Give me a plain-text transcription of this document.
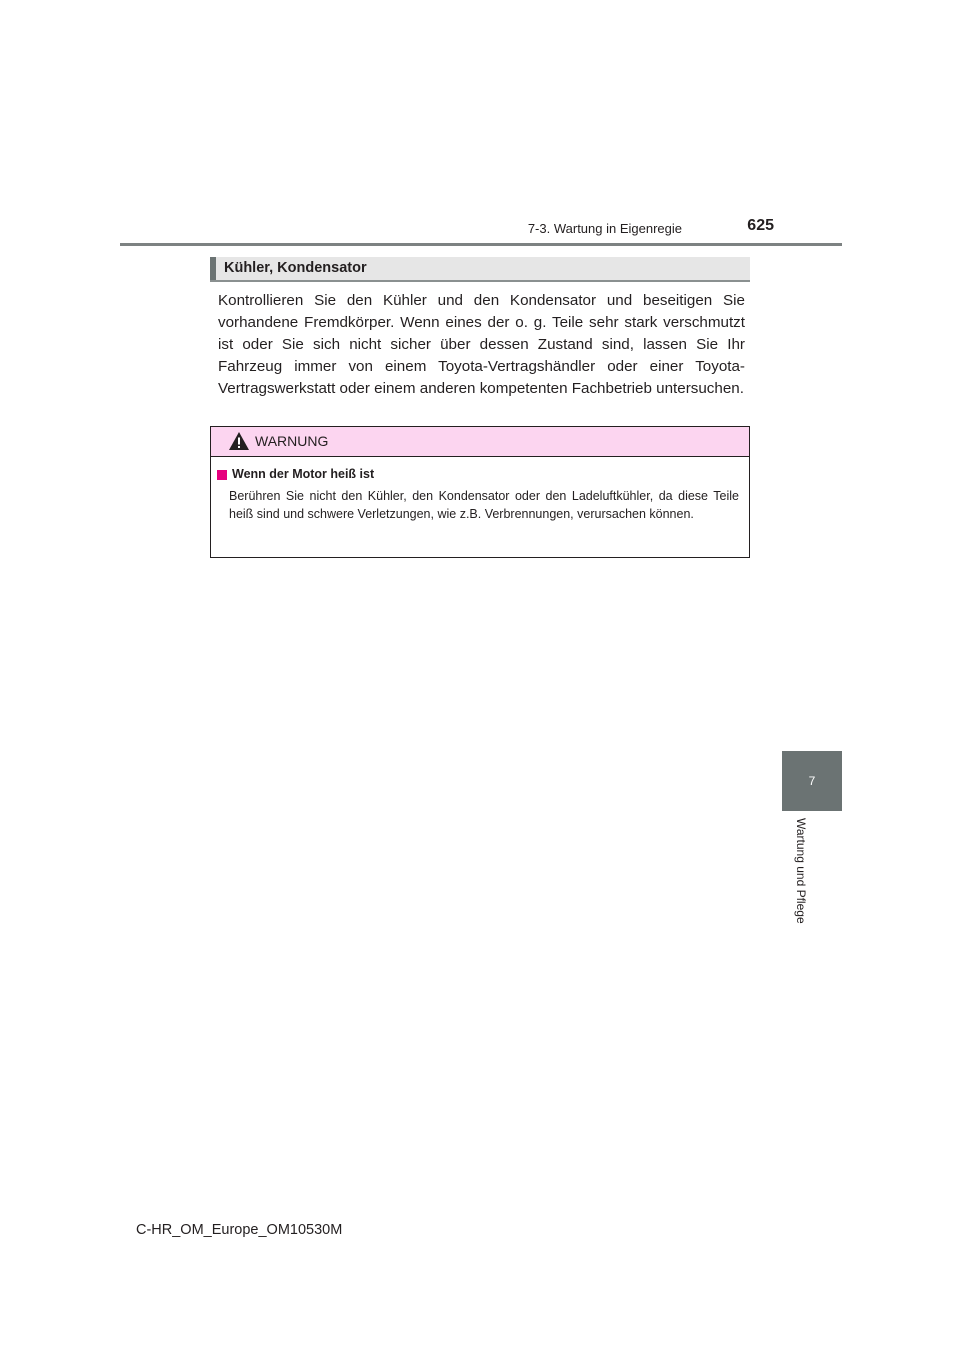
7-3. Wartung in Eigenregie	625
7
Wartung und Pflege
Kühler, Kondensator

Kontrollieren Sie den Kühler und den Kondensator und beseitigen Sie vorhandene Fremdkörper. Wenn eines der o. g. Teile sehr stark verschmutzt ist oder Sie sich nicht sicher über dessen Zustand sind, lassen Sie Ihr Fahrzeug immer von einem Toyota-Vertragshändler oder einer Toyota-Vertragswerkstatt oder einem anderen kompetenten Fachbetrieb untersuchen.

WARNUNG
Wenn der Motor heiß ist

Berühren Sie nicht den Kühler, den Kondensator oder den Ladeluftkühler, da diese Teile heiß sind und schwere Verletzungen, wie z.B. Verbrennungen, verursachen können.

C-HR_OM_Europe_OM10530M
